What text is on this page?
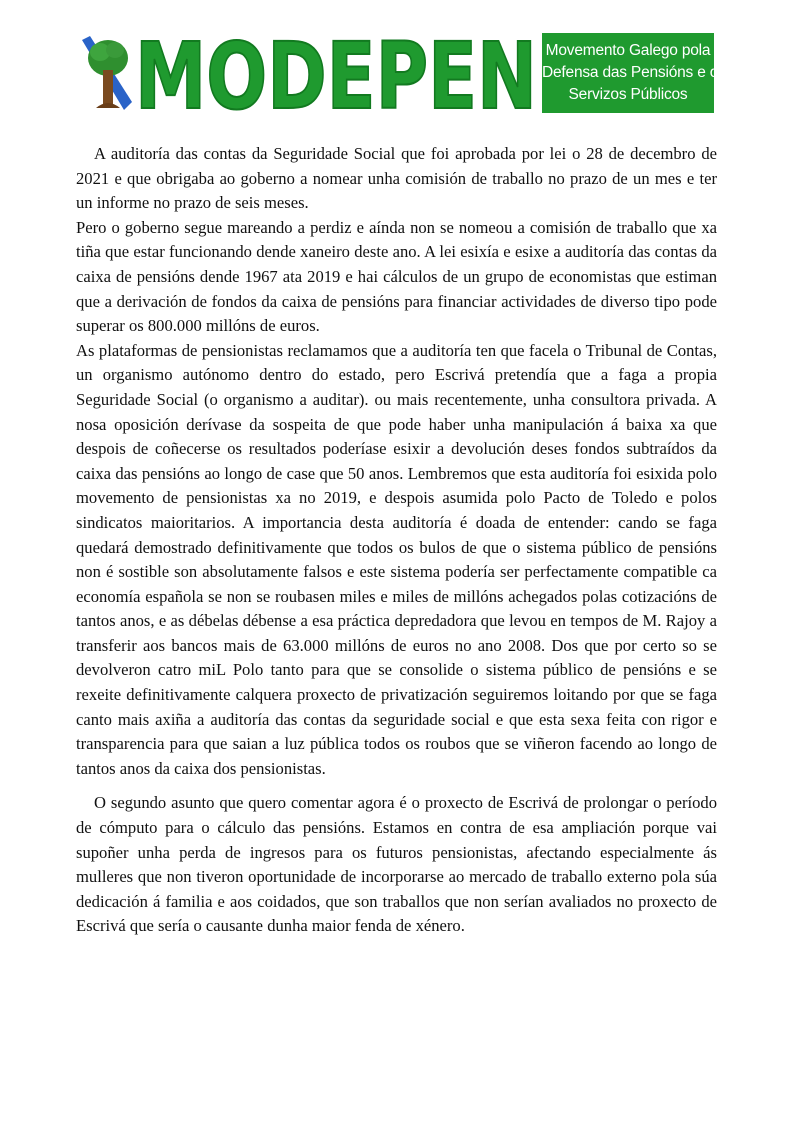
MODEPEN Movemento Galego pola
Defensa das Pensións e os
Servizos Públicos

A auditoría das contas da Seguridade Social que foi aprobada por lei o 28 de decembro de 2021 e que obrigaba ao goberno a nomear unha comisión de traballo no prazo de un mes e ter un informe no prazo de seis meses.

Pero o goberno segue mareando a perdiz e aínda non se nomeou a comisión de traballo que xa tiña que estar funcionando dende xaneiro deste ano. A lei esixía e esixe a auditoría das contas da caixa de pensións dende 1967 ata 2019 e hai cálculos de un grupo de economistas que estiman que a derivación de fondos da caixa de pensións para financiar actividades de diverso tipo pode superar os 800.000 millóns de euros.

As plataformas de pensionistas reclamamos que a auditoría ten que facela o Tribunal de Contas, un organismo autónomo dentro do estado, pero Escrivá pretendía que a faga a propia Seguridade Social (o organismo a auditar). ou mais recentemente, unha consultora privada. A nosa oposición derívase da sospeita de que pode haber unha manipulación á baixa xa que despois de coñecerse os resultados poderíase esixir a devolución deses fondos subtraídos da caixa das pensións ao longo de case que 50 anos. Lembremos que esta auditoría foi esixida polo movemento de pensionistas xa no 2019, e despois asumida polo Pacto de Toledo e polos sindicatos maioritarios. A importancia desta auditoría é doada de entender: cando se faga quedará demostrado definitivamente que todos os bulos de que o sistema público de pensións non é sostible son absolutamente falsos e este sistema podería ser perfectamente compatible ca economía española se non se roubasen miles e miles de millóns achegados polas cotizacións de tantos anos, e as débelas débense a esa práctica depredadora que levou en tempos de M. Rajoy a transferir aos bancos mais de 63.000 millóns de euros no ano 2008. Dos que por certo so se devolveron catro miL Polo tanto para que se consolide o sistema público de pensións e se rexeite definitivamente calquera proxecto de privatización seguiremos loitando por que se faga canto mais axiña a auditoría das contas da seguridade social e que esta sexa feita con rigor e transparencia para que saian a luz pública todos os roubos que se viñeron facendo ao longo de tantos anos da caixa dos pensionistas.

O segundo asunto que quero comentar agora é o proxecto de Escrivá de prolongar o período de cómputo para o cálculo das pensións. Estamos en contra de esa ampliación porque vai supoñer unha perda de ingresos para os futuros pensionistas, afectando especialmente ás mulleres que non tiveron oportunidade de incorporarse ao mercado de traballo externo pola súa dedicación á familia e aos coidados, que son traballos que non serían avaliados no proxecto de Escrivá que sería o causante dunha maior fenda de xénero.
